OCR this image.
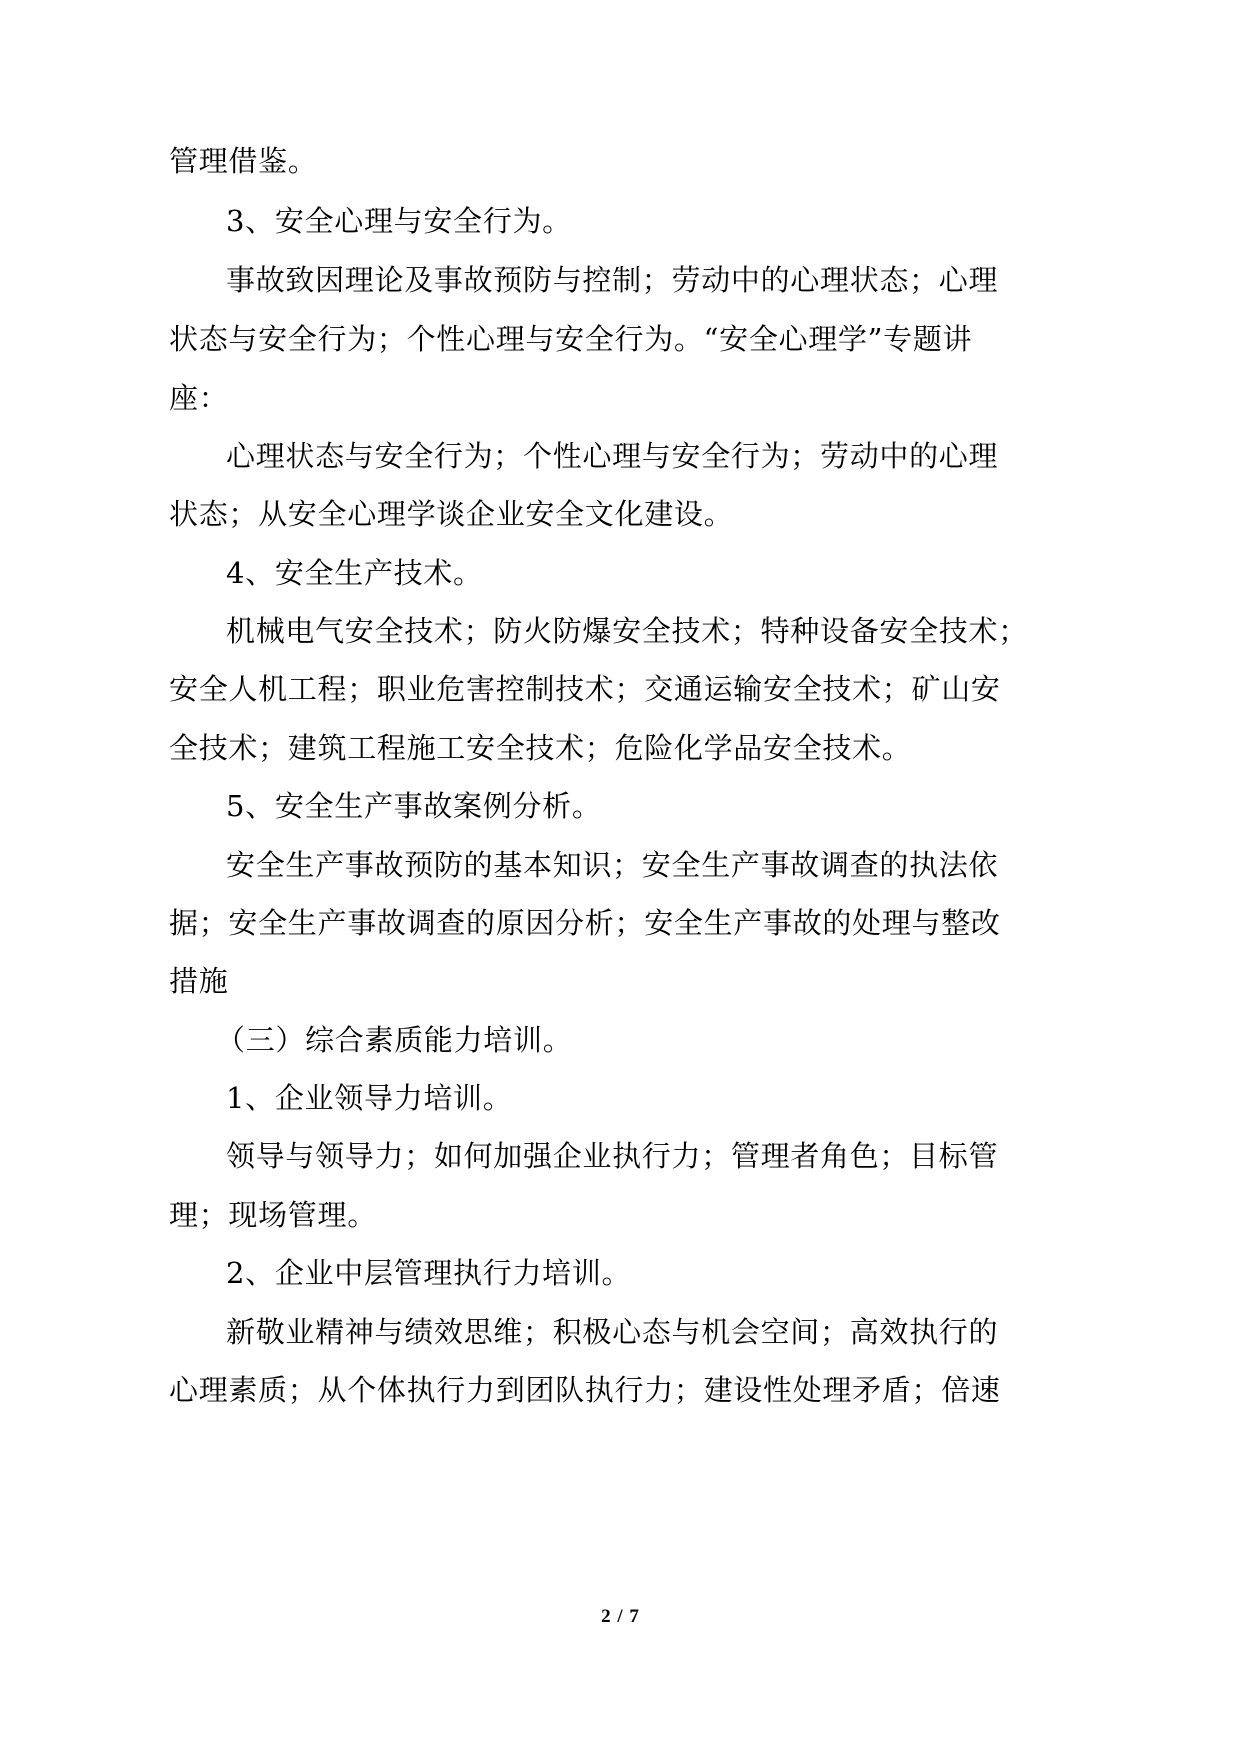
管理借鉴。
3、安全心理与安全行为。
事故致因理论及事故预防与控制；劳动中的心理状态；心理
状态与安全行为；个性心理与安全行为。“安全心理学”专题讲
座：
心理状态与安全行为；个性心理与安全行为；劳动中的心理
状态；从安全心理学谈企业安全文化建设。
4、安全生产技术。
机械电气安全技术；防火防爆安全技术；特种设备安全技术；
安全人机工程；职业危害控制技术；交通运输安全技术；矿山安
全技术；建筑工程施工安全技术；危险化学品安全技术。
5、安全生产事故案例分析。
安全生产事故预防的基本知识；安全生产事故调查的执法依
据；安全生产事故调查的原因分析；安全生产事故的处理与整改
措施
（三）综合素质能力培训。
1、企业领导力培训。
领导与领导力；如何加强企业执行力；管理者角色；目标管
理；现场管理。
2、企业中层管理执行力培训。
新敬业精神与绩效思维；积极心态与机会空间；高效执行的
心理素质；从个体执行力到团队执行力；建设性处理矛盾；倍速
2 / 7
